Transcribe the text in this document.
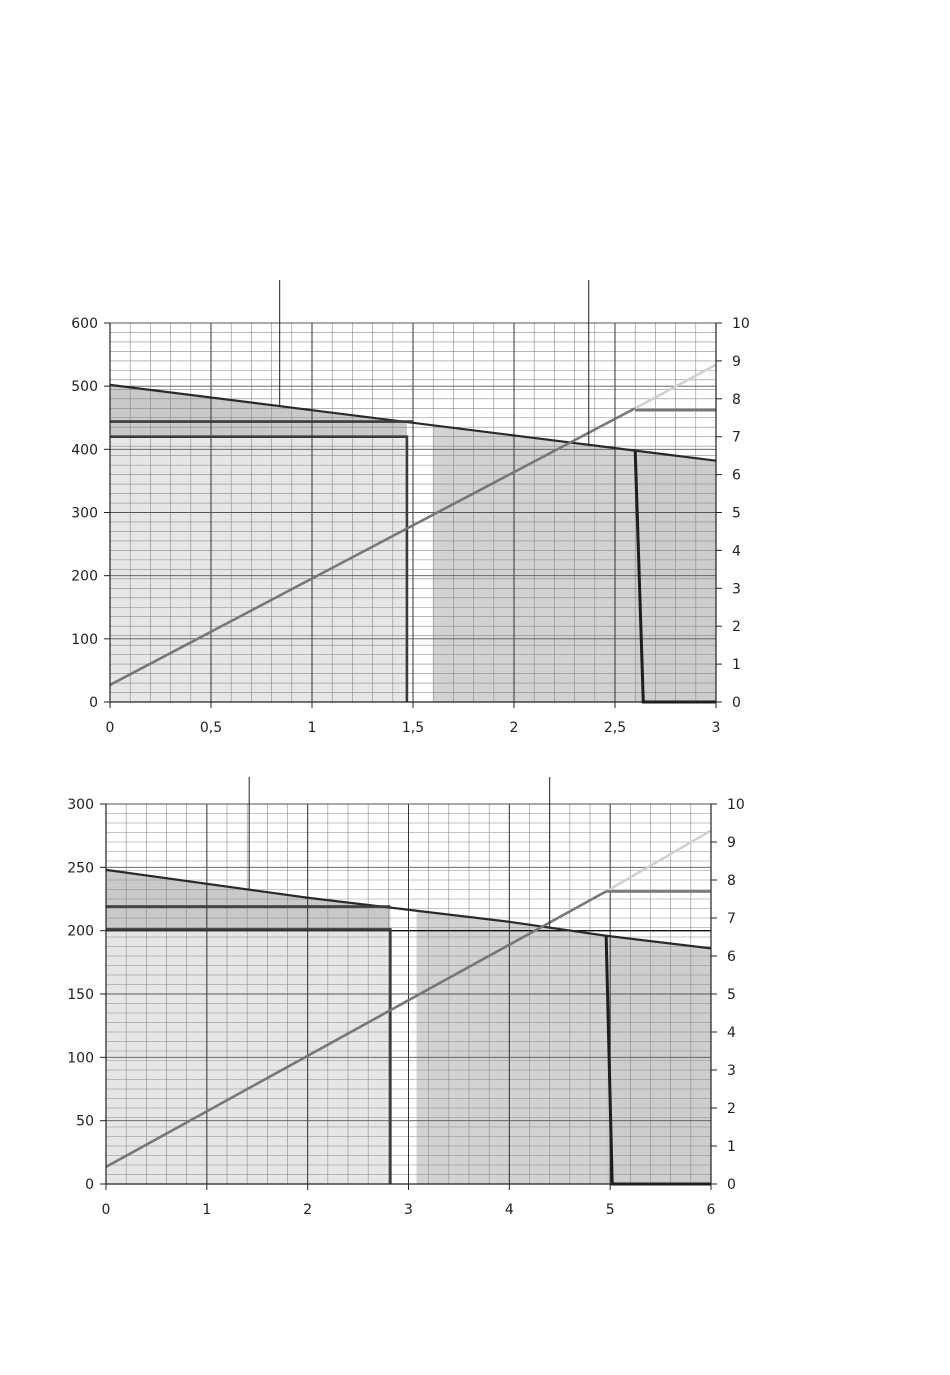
0
100
200
300
400
500
600
0
1
2
3
4
5
6
7
8
9
10
0	0,5	1	1,5	2	2,5	3
0
50
100
150
200
250
300
0
1
2
3
4
5
6
7
8
9
10
0	1	2	3	4	5	6
